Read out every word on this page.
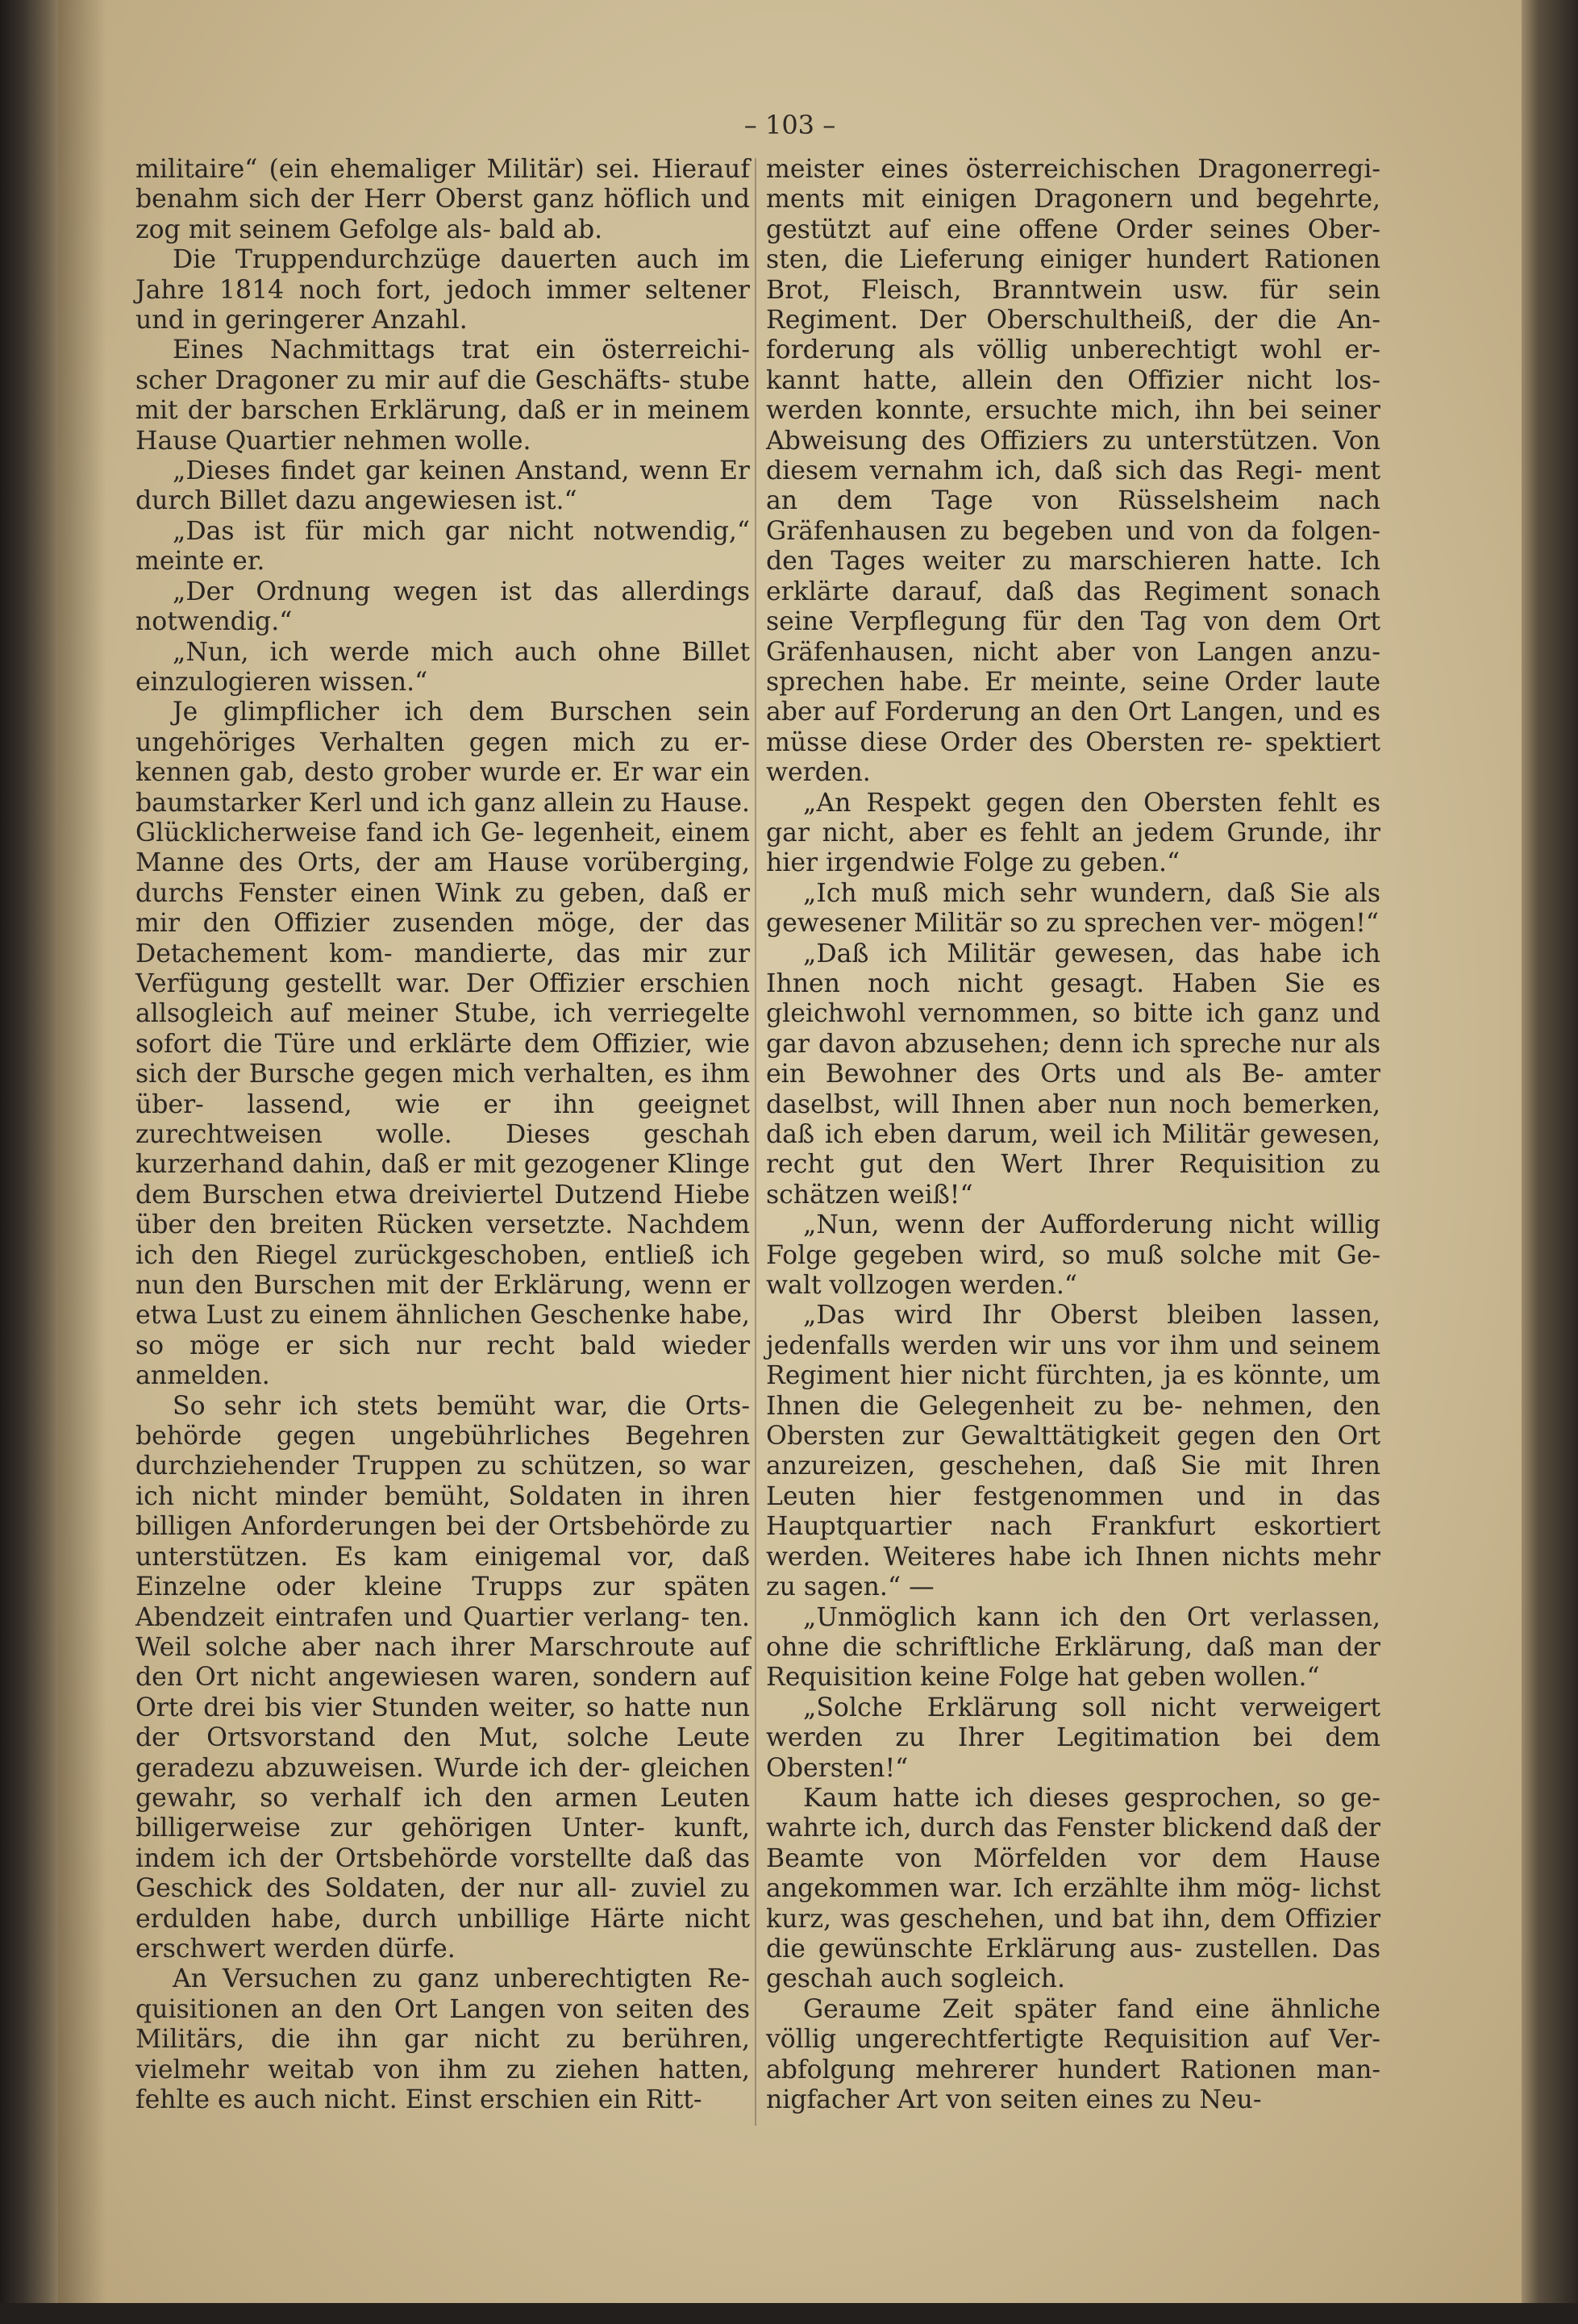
– 103 –

militaire“ (ein ehemaliger Militär) sei. Hierauf benahm sich der Herr Oberst ganz höflich und zog mit seinem Gefolge als- bald ab.

Die Truppendurchzüge dauerten auch im Jahre 1814 noch fort, jedoch immer seltener und in geringerer Anzahl.

Eines Nachmittags trat ein österreichi- scher Dragoner zu mir auf die Geschäfts- stube mit der barschen Erklärung, daß er in meinem Hause Quartier nehmen wolle.

„Dieses findet gar keinen Anstand, wenn Er durch Billet dazu angewiesen ist.“

„Das ist für mich gar nicht notwendig,“ meinte er.

„Der Ordnung wegen ist das allerdings notwendig.“

„Nun, ich werde mich auch ohne Billet einzulogieren wissen.“

Je glimpflicher ich dem Burschen sein ungehöriges Verhalten gegen mich zu er- kennen gab, desto grober wurde er. Er war ein baumstarker Kerl und ich ganz allein zu Hause. Glücklicherweise fand ich Ge- legenheit, einem Manne des Orts, der am Hause vorüberging, durchs Fenster einen Wink zu geben, daß er mir den Offizier zusenden möge, der das Detachement kom- mandierte, das mir zur Verfügung gestellt war. Der Offizier erschien allsogleich auf meiner Stube, ich verriegelte sofort die Türe und erklärte dem Offizier, wie sich der Bursche gegen mich verhalten, es ihm über- lassend, wie er ihn geeignet zurechtweisen wolle. Dieses geschah kurzerhand dahin, daß er mit gezogener Klinge dem Burschen etwa dreiviertel Dutzend Hiebe über den breiten Rücken versetzte. Nachdem ich den Riegel zurückgeschoben, entließ ich nun den Burschen mit der Erklärung, wenn er etwa Lust zu einem ähnlichen Geschenke habe, so möge er sich nur recht bald wieder anmelden.

So sehr ich stets bemüht war, die Orts- behörde gegen ungebührliches Begehren durchziehender Truppen zu schützen, so war ich nicht minder bemüht, Soldaten in ihren billigen Anforderungen bei der Ortsbehörde zu unterstützen. Es kam einigemal vor, daß Einzelne oder kleine Trupps zur späten Abendzeit eintrafen und Quartier verlang- ten. Weil solche aber nach ihrer Marschroute auf den Ort nicht angewiesen waren, sondern auf Orte drei bis vier Stunden weiter, so hatte nun der Ortsvorstand den Mut, solche Leute geradezu abzuweisen. Wurde ich der- gleichen gewahr, so verhalf ich den armen Leuten billigerweise zur gehörigen Unter- kunft, indem ich der Ortsbehörde vorstellte daß das Geschick des Soldaten, der nur all- zuviel zu erdulden habe, durch unbillige Härte nicht erschwert werden dürfe.

An Versuchen zu ganz unberechtigten Re- quisitionen an den Ort Langen von seiten des Militärs, die ihn gar nicht zu berühren, vielmehr weitab von ihm zu ziehen hatten, fehlte es auch nicht. Einst erschien ein Ritt-

meister eines österreichischen Dragonerregi- ments mit einigen Dragonern und begehrte, gestützt auf eine offene Order seines Ober- sten, die Lieferung einiger hundert Rationen Brot, Fleisch, Branntwein usw. für sein Regiment. Der Oberschultheiß, der die An- forderung als völlig unberechtigt wohl er- kannt hatte, allein den Offizier nicht los- werden konnte, ersuchte mich, ihn bei seiner Abweisung des Offiziers zu unterstützen. Von diesem vernahm ich, daß sich das Regi- ment an dem Tage von Rüsselsheim nach Gräfenhausen zu begeben und von da folgen- den Tages weiter zu marschieren hatte. Ich erklärte darauf, daß das Regiment sonach seine Verpflegung für den Tag von dem Ort Gräfenhausen, nicht aber von Langen anzu- sprechen habe. Er meinte, seine Order laute aber auf Forderung an den Ort Langen, und es müsse diese Order des Obersten re- spektiert werden.

„An Respekt gegen den Obersten fehlt es gar nicht, aber es fehlt an jedem Grunde, ihr hier irgendwie Folge zu geben.“

„Ich muß mich sehr wundern, daß Sie als gewesener Militär so zu sprechen ver- mögen!“

„Daß ich Militär gewesen, das habe ich Ihnen noch nicht gesagt. Haben Sie es gleichwohl vernommen, so bitte ich ganz und gar davon abzusehen; denn ich spreche nur als ein Bewohner des Orts und als Be- amter daselbst, will Ihnen aber nun noch bemerken, daß ich eben darum, weil ich Militär gewesen, recht gut den Wert Ihrer Requisition zu schätzen weiß!“

„Nun, wenn der Aufforderung nicht willig Folge gegeben wird, so muß solche mit Ge- walt vollzogen werden.“

„Das wird Ihr Oberst bleiben lassen, jedenfalls werden wir uns vor ihm und seinem Regiment hier nicht fürchten, ja es könnte, um Ihnen die Gelegenheit zu be- nehmen, den Obersten zur Gewalttätigkeit gegen den Ort anzureizen, geschehen, daß Sie mit Ihren Leuten hier festgenommen und in das Hauptquartier nach Frankfurt eskortiert werden. Weiteres habe ich Ihnen nichts mehr zu sagen.“ —

„Unmöglich kann ich den Ort verlassen, ohne die schriftliche Erklärung, daß man der Requisition keine Folge hat geben wollen.“

„Solche Erklärung soll nicht verweigert werden zu Ihrer Legitimation bei dem Obersten!“

Kaum hatte ich dieses gesprochen, so ge- wahrte ich, durch das Fenster blickend daß der Beamte von Mörfelden vor dem Hause angekommen war. Ich erzählte ihm mög- lichst kurz, was geschehen, und bat ihn, dem Offizier die gewünschte Erklärung aus- zustellen. Das geschah auch sogleich.

Geraume Zeit später fand eine ähnliche völlig ungerechtfertigte Requisition auf Ver- abfolgung mehrerer hundert Rationen man- nigfacher Art von seiten eines zu Neu-
